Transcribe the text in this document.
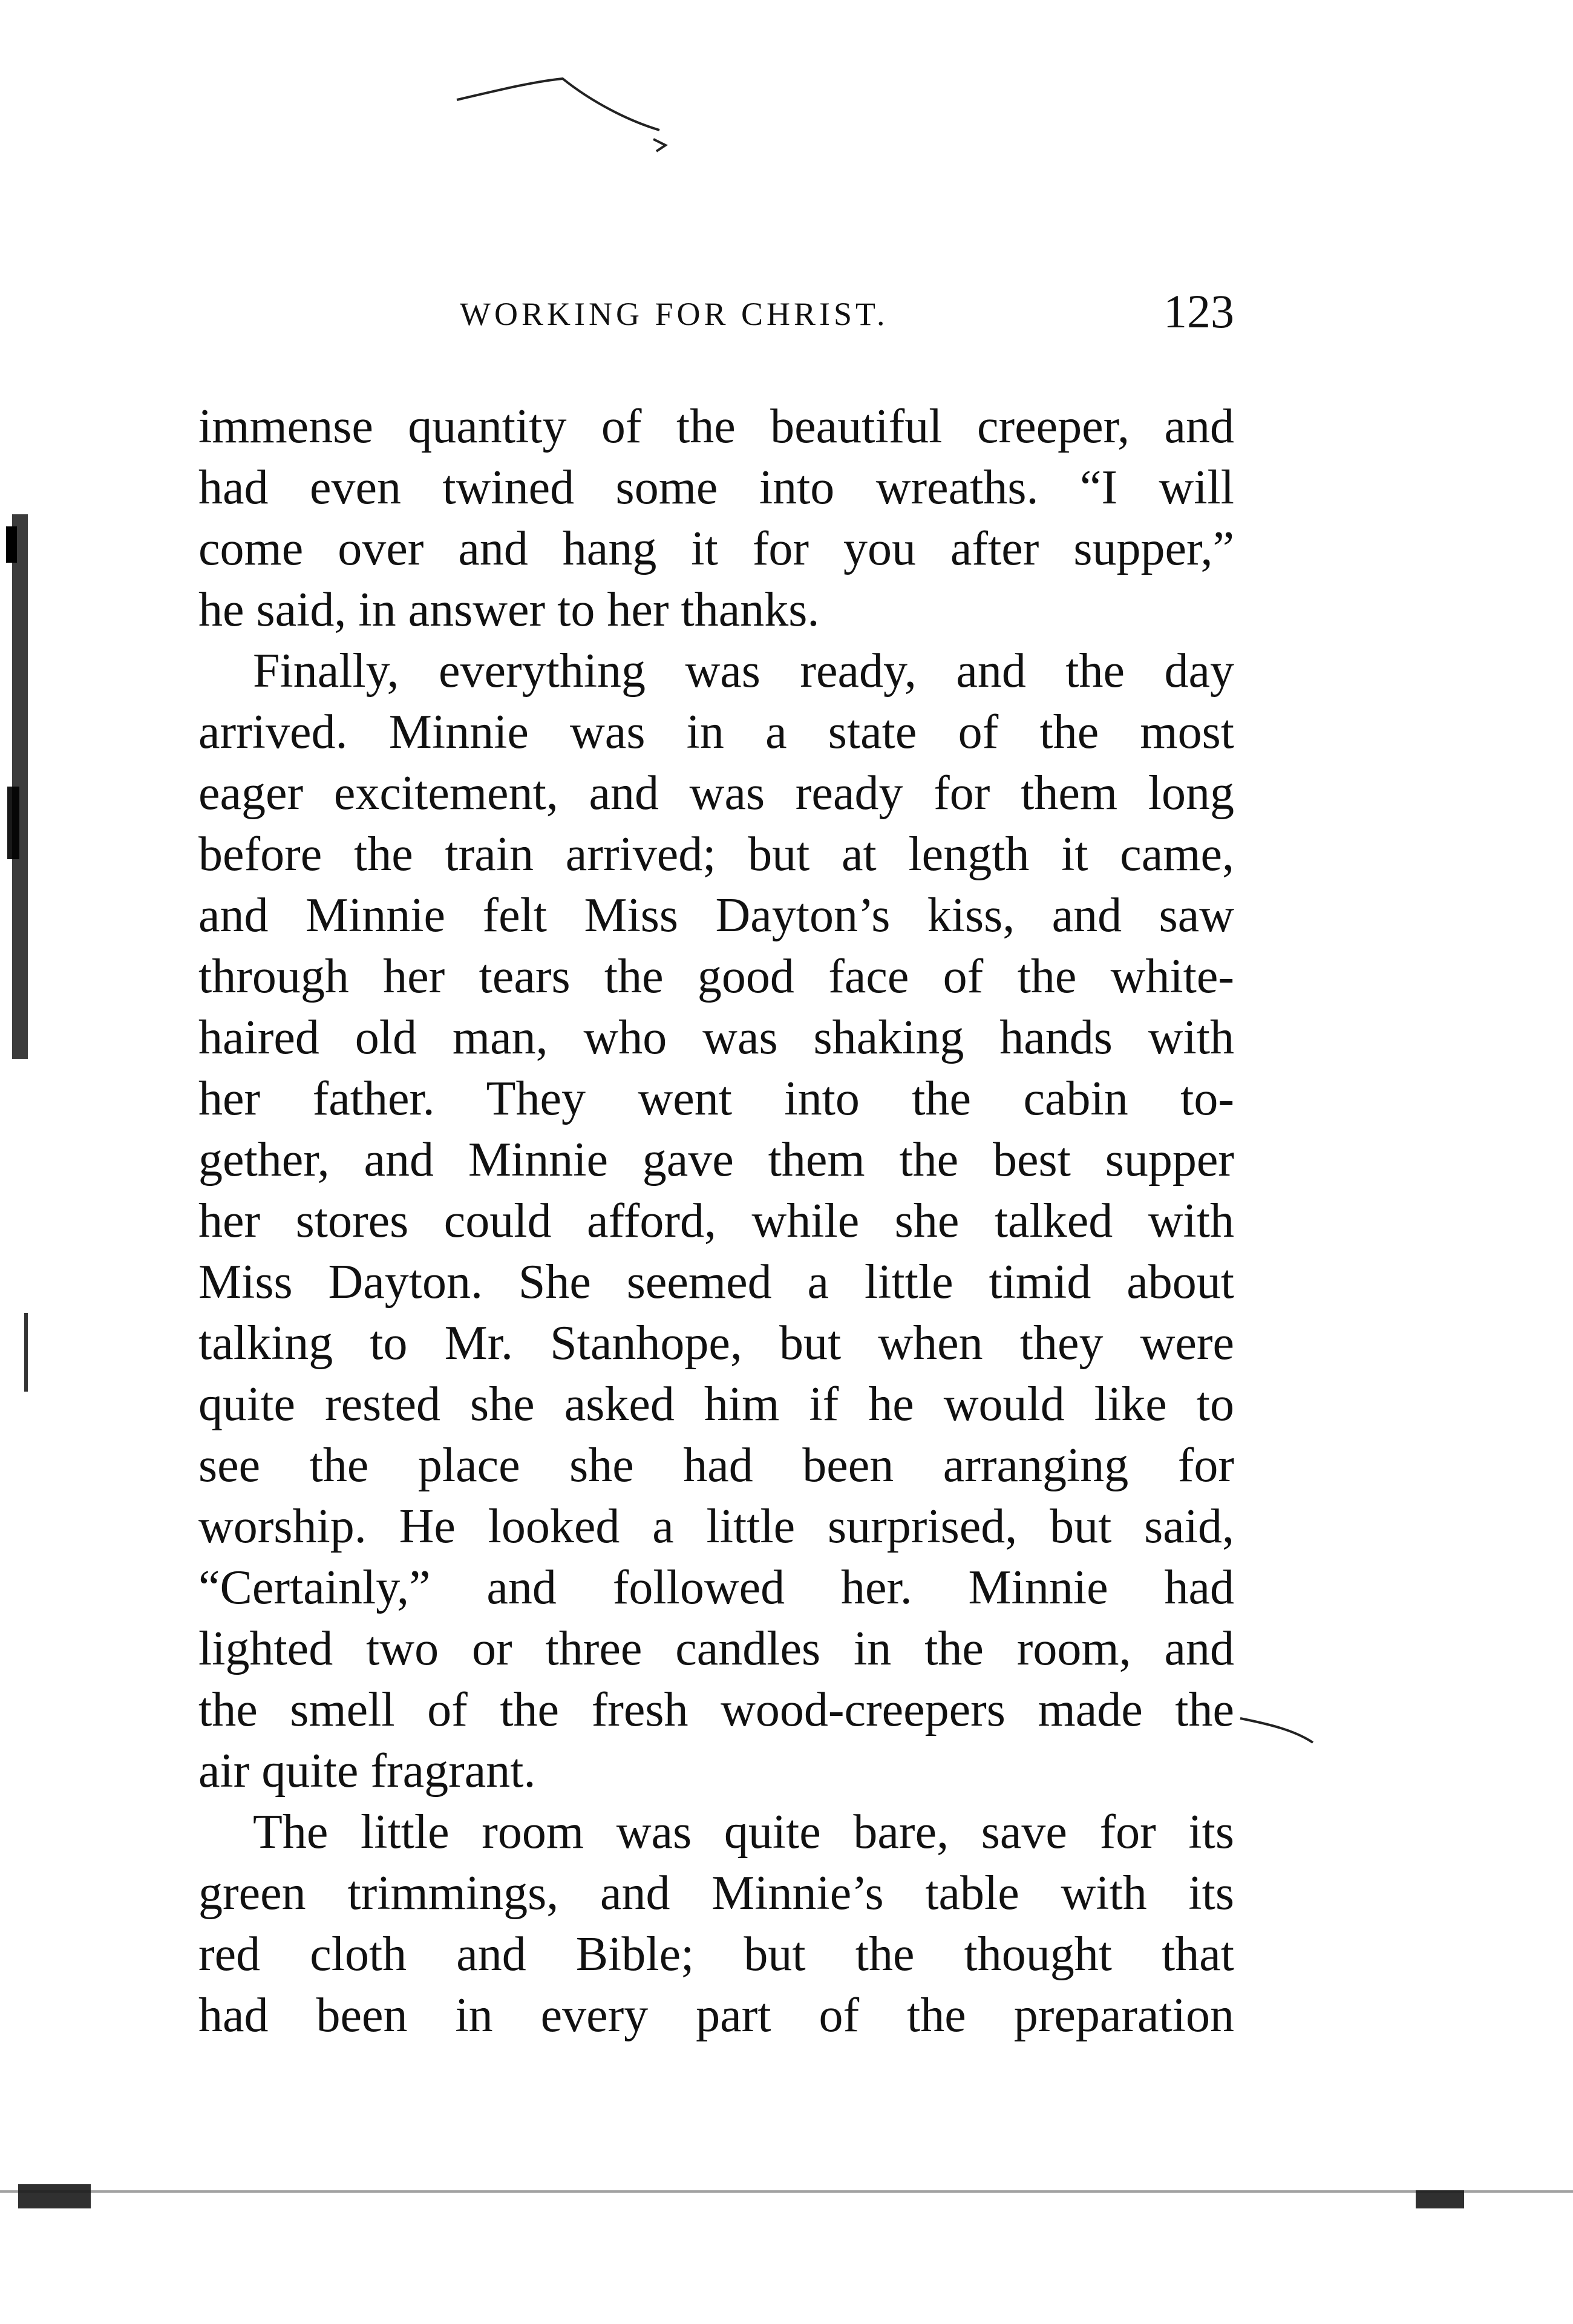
WORKING FOR CHRIST.	123
immense quantity of the beautiful creeper, and
had even twined some into wreaths. “I will
come over and hang it for you after supper,”
he said, in answer to her thanks.
Finally, everything was ready, and the day
arrived. Minnie was in a state of the most
eager excitement, and was ready for them long
before the train arrived; but at length it came,
and Minnie felt Miss Dayton’s kiss, and saw
through her tears the good face of the white-
haired old man, who was shaking hands with
her father. They went into the cabin to-
gether, and Minnie gave them the best supper
her stores could afford, while she talked with
Miss Dayton. She seemed a little timid about
talking to Mr. Stanhope, but when they were
quite rested she asked him if he would like to
see the place she had been arranging for
worship. He looked a little surprised, but said,
“Certainly,” and followed her. Minnie had
lighted two or three candles in the room, and
the smell of the fresh wood-creepers made the
air quite fragrant.
The little room was quite bare, save for its
green trimmings, and Minnie’s table with its
red cloth and Bible; but the thought that
had been in every part of the preparation
